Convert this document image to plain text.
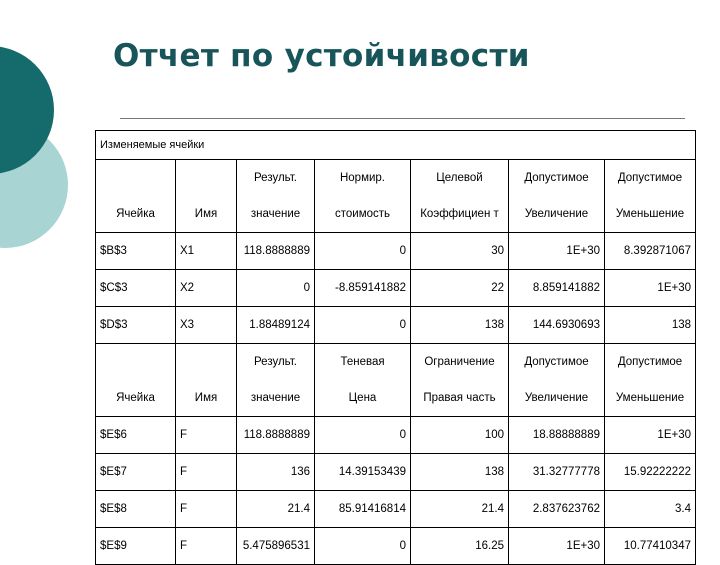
Отчет по устойчивости
Изменяемые ячейки						
		Результ.	Нормир.	Целевой	Допустимое	Допустимое
Ячейка	Имя	значение	стоимость	Коэффициен т	Увеличение	Уменьшение
$B$3	X1	118.8888889	0	30	1E+30	8.392871067
$C$3	X2	0	-8.859141882	22	8.859141882	1E+30
$D$3	X3	1.88489124	0	138	144.6930693	138
		Результ.	Теневая	Ограничение	Допустимое	Допустимое
Ячейка	Имя	значение	Цена	Правая часть	Увеличение	Уменьшение
$E$6	F	118.8888889	0	100	18.88888889	1E+30
$E$7	F	136	14.39153439	138	31.32777778	15.92222222
$E$8	F	21.4	85.91416814	21.4	2.837623762	3.4
$E$9	F	5.475896531	0	16.25	1E+30	10.77410347
